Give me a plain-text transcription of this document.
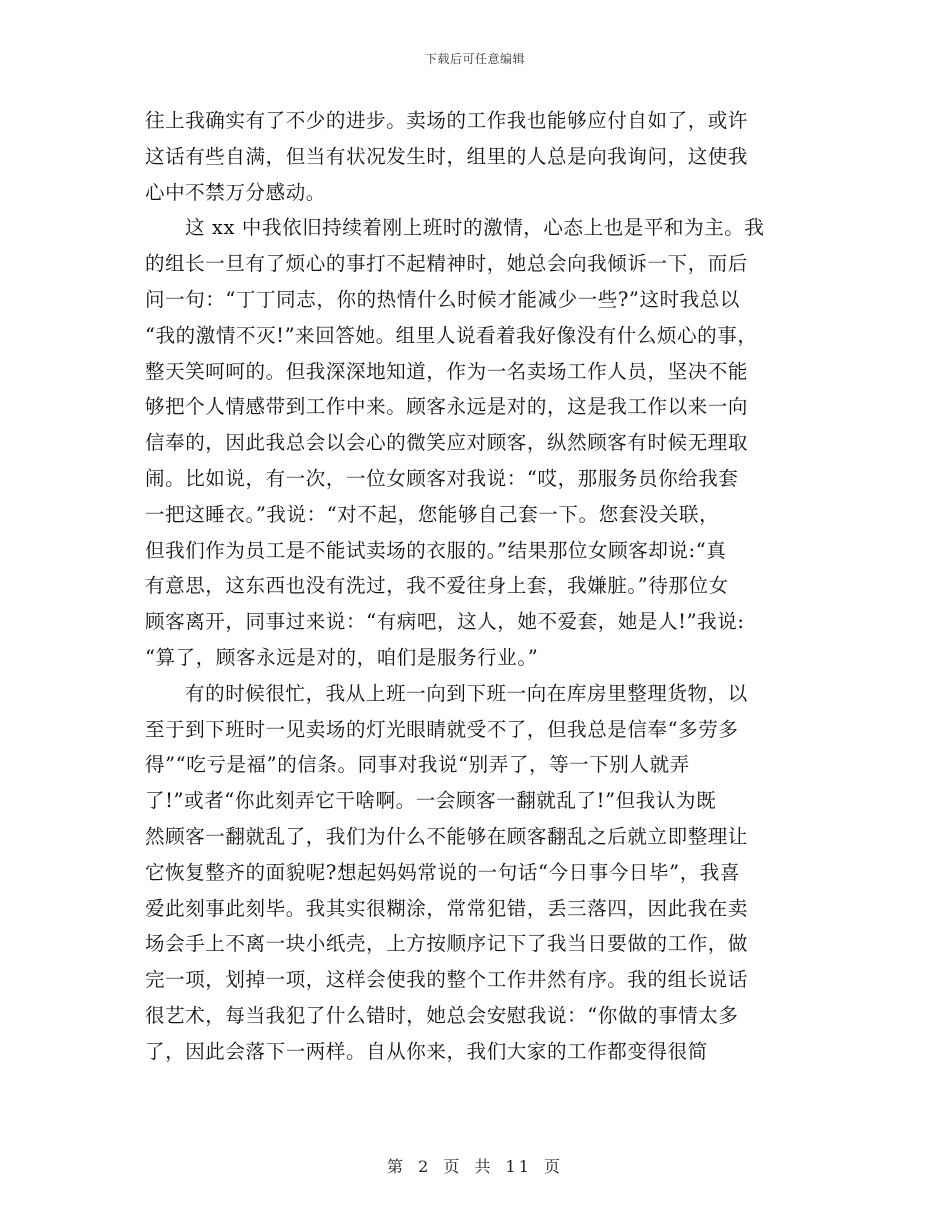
下载后可任意编辑
往上我确实有了不少的进步。卖场的工作我也能够应付自如了，或许
这话有些自满，但当有状况发生时，组里的人总是向我询问，这使我
心中不禁万分感动。
这 xx 中我依旧持续着刚上班时的激情，心态上也是平和为主。我
的组长一旦有了烦心的事打不起精神时，她总会向我倾诉一下，而后
问一句：“丁丁同志，你的热情什么时候才能减少一些?”这时我总以
“我的激情不灭!”来回答她。组里人说看着我好像没有什么烦心的事，
整天笑呵呵的。但我深深地知道，作为一名卖场工作人员，坚决不能
够把个人情感带到工作中来。顾客永远是对的，这是我工作以来一向
信奉的，因此我总会以会心的微笑应对顾客，纵然顾客有时候无理取
闹。比如说，有一次，一位女顾客对我说：“哎，那服务员你给我套
一把这睡衣。”我说：“对不起，您能够自己套一下。您套没关联，
但我们作为员工是不能试卖场的衣服的。”结果那位女顾客却说:“真
有意思，这东西也没有洗过，我不爱往身上套，我嫌脏。”待那位女
顾客离开，同事过来说：“有病吧，这人，她不爱套，她是人!”我说:
“算了，顾客永远是对的，咱们是服务行业。”
有的时候很忙，我从上班一向到下班一向在库房里整理货物，以
至于到下班时一见卖场的灯光眼睛就受不了，但我总是信奉“多劳多
得”“吃亏是福”的信条。同事对我说“别弄了，等一下别人就弄
了!”或者“你此刻弄它干啥啊。一会顾客一翻就乱了!”但我认为既
然顾客一翻就乱了，我们为什么不能够在顾客翻乱之后就立即整理让
它恢复整齐的面貌呢?想起妈妈常说的一句话“今日事今日毕”，我喜
爱此刻事此刻毕。我其实很糊涂，常常犯错，丢三落四，因此我在卖
场会手上不离一块小纸壳，上方按顺序记下了我当日要做的工作，做
完一项，划掉一项，这样会使我的整个工作井然有序。我的组长说话
很艺术，每当我犯了什么错时，她总会安慰我说：“你做的事情太多
了，因此会落下一两样。自从你来，我们大家的工作都变得很简
第 2 页 共 11 页
